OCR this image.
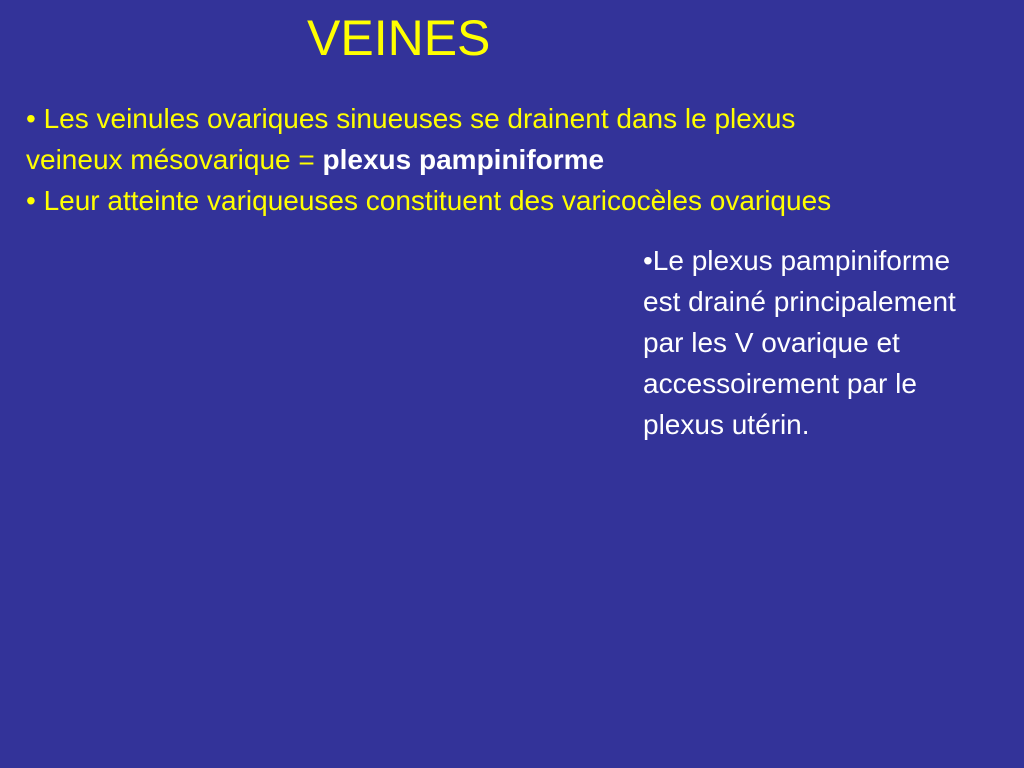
VEINES
• Les veinules ovariques sinueuses se drainent dans le plexus
veineux mésovarique = plexus pampiniforme
• Leur atteinte variqueuses constituent des varicocèles ovariques
•Le plexus pampiniforme
est drainé principalement
par les V ovarique et
accessoirement par le
plexus utérin.
